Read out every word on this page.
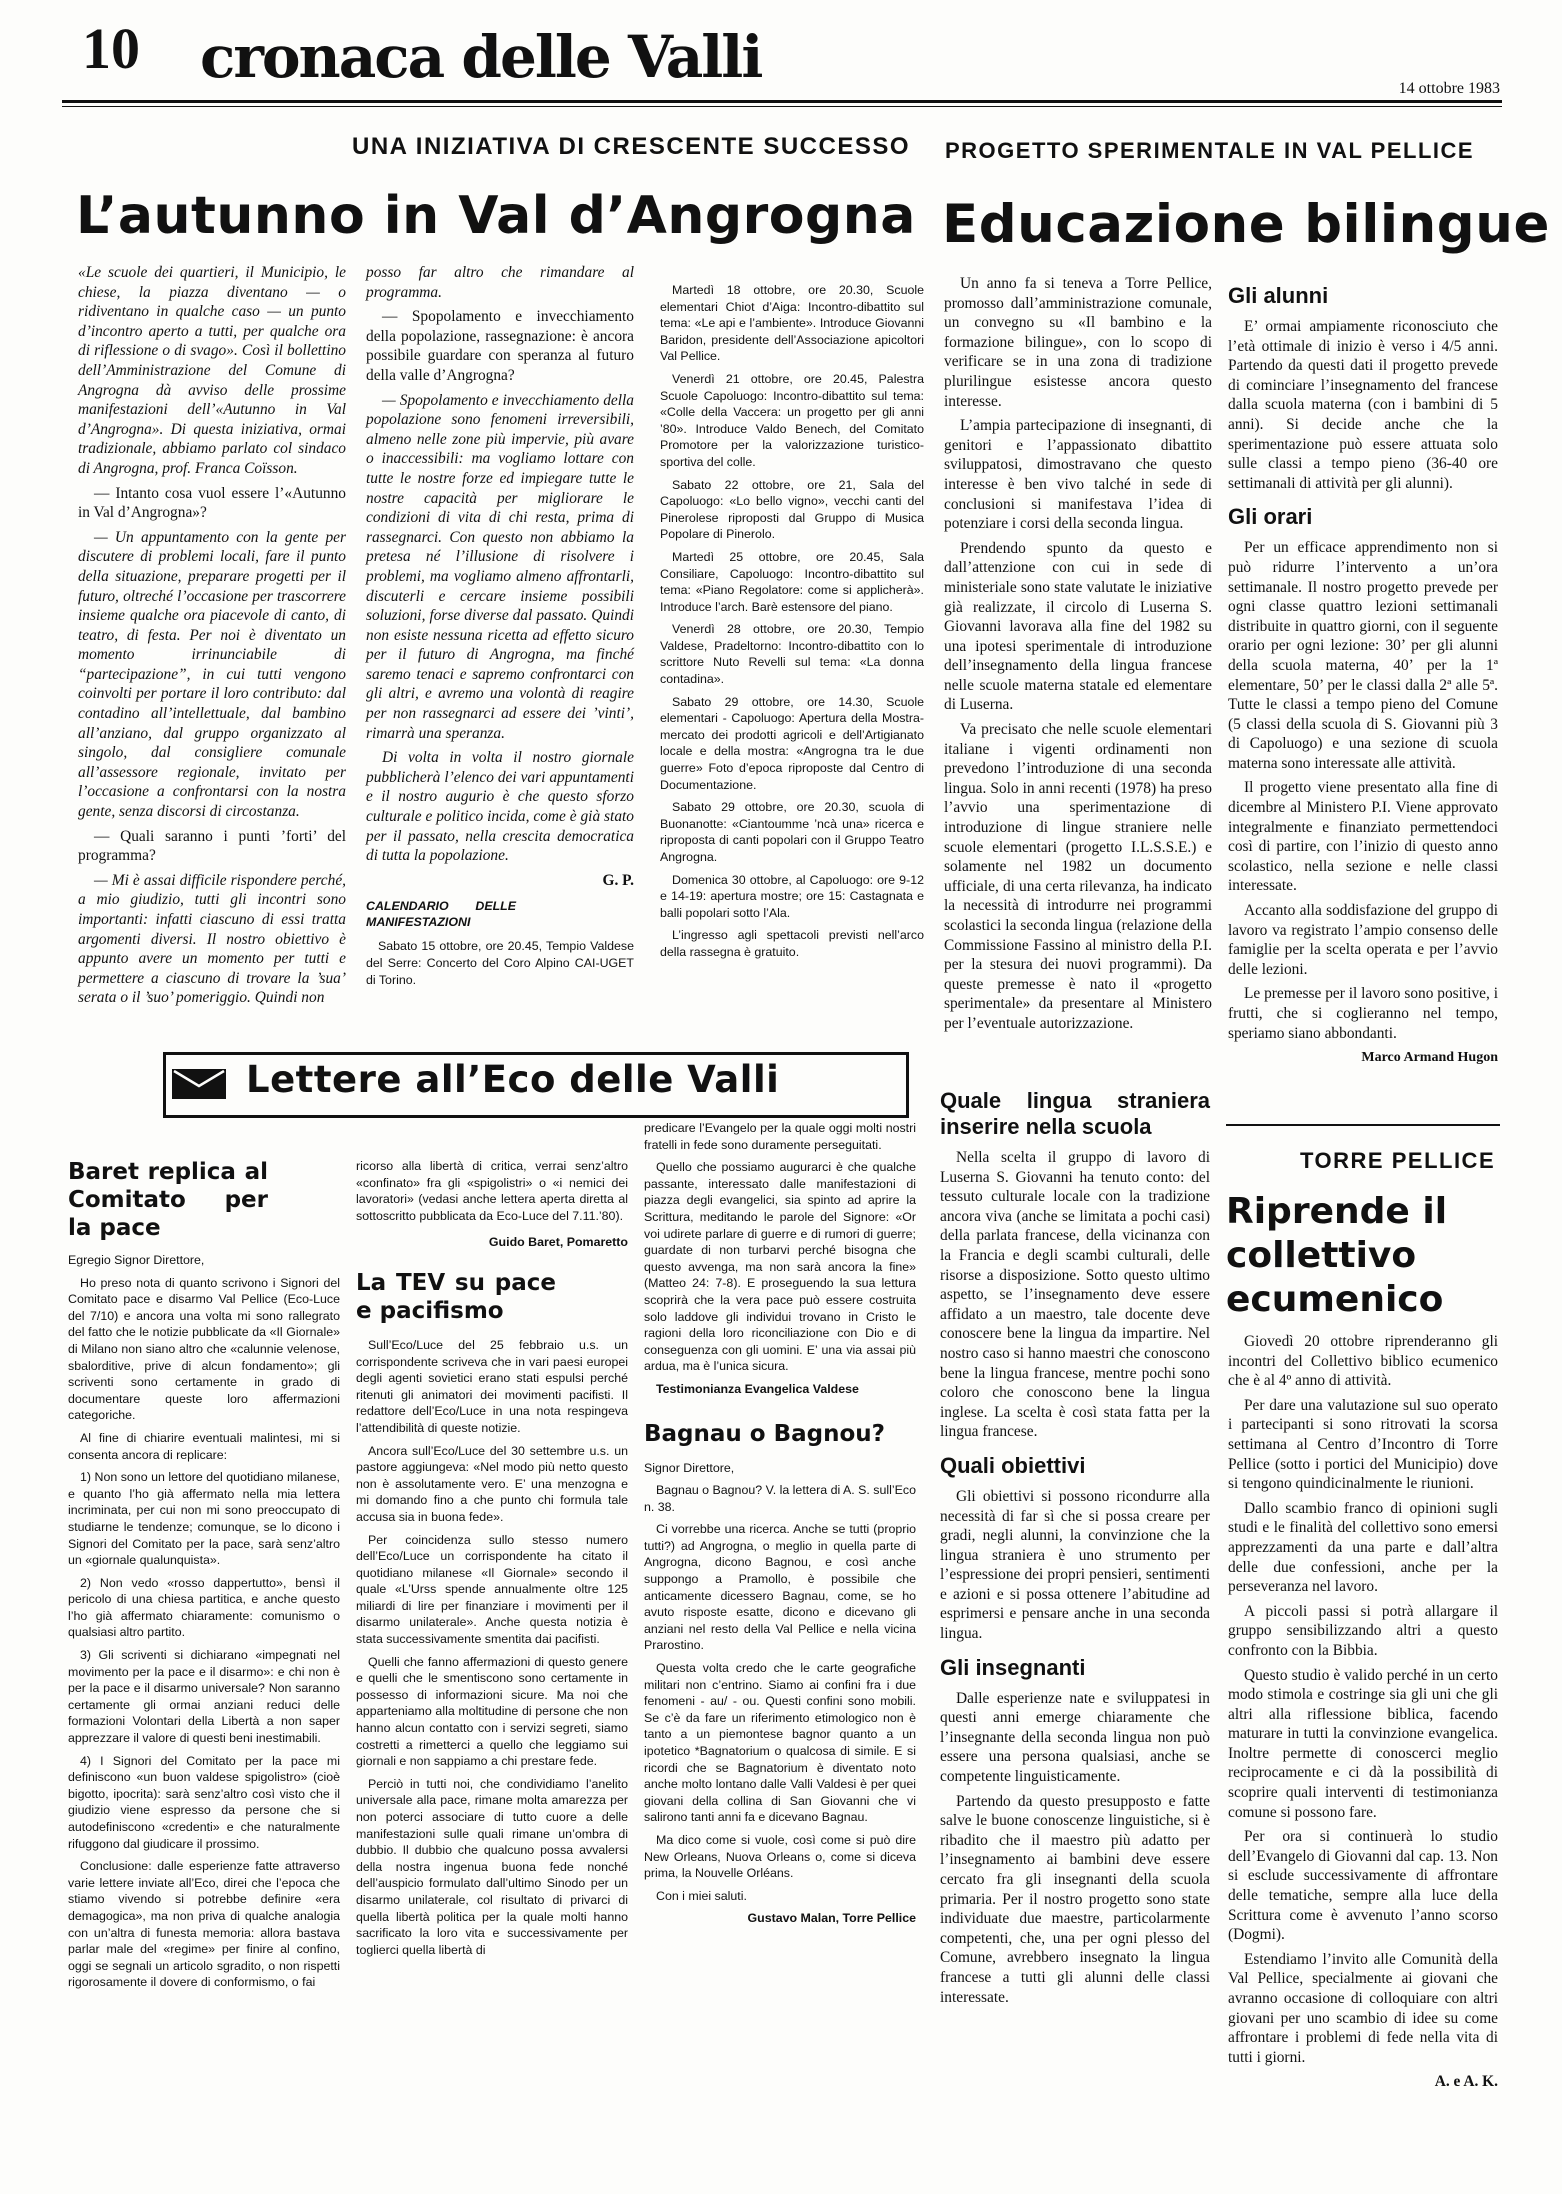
10 cronaca delle Valli	14 ottobre 1983
UNA INIZIATIVA DI CRESCENTE SUCCESSO PROGETTO SPERIMENTALE IN VAL PELLICE
L’autunno in Val d’Angrogna Educazione bilingue

«Le scuole dei quartieri, il Municipio, le chiese, la piazza diventano — o ridiventano in qualche caso — un punto d’incontro aperto a tutti, per qualche ora di riflessione o di svago». Così il bollettino dell’Amministrazione del Comune di Angrogna dà avviso delle prossime manifestazioni dell’«Autunno in Val d’Angrogna». Di questa iniziativa, ormai tradizionale, abbiamo parlato col sindaco di Angrogna, prof. Franca Coïsson.

— Intanto cosa vuol essere l’«Autunno in Val d’Angrogna»?

— Un appuntamento con la gente per discutere di problemi locali, fare il punto della situazione, preparare progetti per il futuro, oltreché l’occasione per trascorrere insieme qualche ora piacevole di canto, di teatro, di festa. Per noi è diventato un momento irrinunciabile di “partecipazione”, in cui tutti vengono coinvolti per portare il loro contributo: dal contadino all’intellettuale, dal bambino all’anziano, dal gruppo organizzato al singolo, dal consigliere comunale all’assessore regionale, invitato per l’occasione a confrontarsi con la nostra gente, senza discorsi di circostanza.

— Quali saranno i punti ’forti’ del programma?

— Mi è assai difficile rispondere perché, a mio giudizio, tutti gli incontri sono importanti: infatti ciascuno di essi tratta argomenti diversi. Il nostro obiettivo è appunto avere un momento per tutti e permettere a ciascuno di trovare la ’sua’ serata o il ’suo’ pomeriggio. Quindi non

posso far altro che rimandare al programma.

— Spopolamento e invecchiamento della popolazione, rassegnazione: è ancora possibile guardare con speranza al futuro della valle d’Angrogna?

— Spopolamento e invecchiamento della popolazione sono fenomeni irreversibili, almeno nelle zone più impervie, più avare o inaccessibili: ma vogliamo lottare con tutte le nostre forze ed impiegare tutte le nostre capacità per migliorare le condizioni di vita di chi resta, prima di rassegnarci. Con questo non abbiamo la pretesa né l’illusione di risolvere i problemi, ma vogliamo almeno affrontarli, discuterli e cercare insieme possibili soluzioni, forse diverse dal passato. Quindi non esiste nessuna ricetta ad effetto sicuro per il futuro di Angrogna, ma finché saremo tenaci e sapremo confrontarci con gli altri, e avremo una volontà di reagire per non rassegnarci ad essere dei ’vinti’, rimarrà una speranza.

Di volta in volta il nostro giornale pubblicherà l’elenco dei vari appuntamenti e il nostro augurio è che questo sforzo culturale e politico incida, come è già stato per il passato, nella crescita democratica di tutta la popolazione.

G. P.

CALENDARIO DELLE MANIFESTAZIONI
Sabato 15 ottobre, ore 20.45, Tempio Valdese del Serre: Concerto del Coro Alpino CAI-UGET di Torino.

Martedì 18 ottobre, ore 20.30, Scuole elementari Chiot d’Aiga: Incontro-dibattito sul tema: «Le api e l’ambiente». Introduce Giovanni Baridon, presidente dell’Associazione apicoltori Val Pellice.

Venerdì 21 ottobre, ore 20.45, Palestra Scuole Capoluogo: Incontro-dibattito sul tema: «Colle della Vaccera: un progetto per gli anni ’80». Introduce Valdo Benech, del Comitato Promotore per la valorizzazione turistico-sportiva del colle.

Sabato 22 ottobre, ore 21, Sala del Capoluogo: «Lo bello vigno», vecchi canti del Pinerolese riproposti dal Gruppo di Musica Popolare di Pinerolo.

Martedì 25 ottobre, ore 20.45, Sala Consiliare, Capoluogo: Incontro-dibattito sul tema: «Piano Regolatore: come si applicherà». Introduce l’arch. Barè estensore del piano.

Venerdì 28 ottobre, ore 20.30, Tempio Valdese, Pradeltorno: Incontro-dibattito con lo scrittore Nuto Revelli sul tema: «La donna contadina».

Sabato 29 ottobre, ore 14.30, Scuole elementari - Capoluogo: Apertura della Mostra-mercato dei prodotti agricoli e dell’Artigianato locale e della mostra: «Angrogna tra le due guerre» Foto d’epoca riproposte dal Centro di Documentazione.

Sabato 29 ottobre, ore 20.30, scuola di Buonanotte: «Ciantoumme ’ncà una» ricerca e riproposta di canti popolari con il Gruppo Teatro Angrogna.

Domenica 30 ottobre, al Capoluogo: ore 9-12 e 14-19: apertura mostre; ore 15: Castagnata e balli popolari sotto l’Ala.

L’ingresso agli spettacoli previsti nell’arco della rassegna è gratuito.

Un anno fa si teneva a Torre Pellice, promosso dall’amministrazione comunale, un convegno su «Il bambino e la formazione bilingue», con lo scopo di verificare se in una zona di tradizione plurilingue esistesse ancora questo interesse.

L’ampia partecipazione di insegnanti, di genitori e l’appassionato dibattito sviluppatosi, dimostravano che questo interesse è ben vivo talché in sede di conclusioni si manifestava l’idea di potenziare i corsi della seconda lingua.

Prendendo spunto da questo e dall’attenzione con cui in sede di ministeriale sono state valutate le iniziative già realizzate, il circolo di Luserna S. Giovanni lavorava alla fine del 1982 su una ipotesi sperimentale di introduzione dell’insegnamento della lingua francese nelle scuole materna statale ed elementare di Luserna.

Va precisato che nelle scuole elementari italiane i vigenti ordinamenti non prevedono l’introduzione di una seconda lingua. Solo in anni recenti (1978) ha preso l’avvio una sperimentazione di introduzione di lingue straniere nelle scuole elementari (progetto I.L.S.S.E.) e solamente nel 1982 un documento ufficiale, di una certa rilevanza, ha indicato la necessità di introdurre nei programmi scolastici la seconda lingua (relazione della Commissione Fassino al ministro della P.I. per la stesura dei nuovi programmi). Da queste premesse è nato il «progetto sperimentale» da presentare al Ministero per l’eventuale autorizzazione.

Gli alunni

E’ ormai ampiamente riconosciuto che l’età ottimale di inizio è verso i 4/5 anni. Partendo da questi dati il progetto prevede di cominciare l’insegnamento del francese dalla scuola materna (con i bambini di 5 anni). Si decide anche che la sperimentazione può essere attuata solo sulle classi a tempo pieno (36-40 ore settimanali di attività per gli alunni).

Gli orari

Per un efficace apprendimento non si può ridurre l’intervento a un’ora settimanale. Il nostro progetto prevede per ogni classe quattro lezioni settimanali distribuite in quattro giorni, con il seguente orario per ogni lezione: 30’ per gli alunni della scuola materna, 40’ per la 1ª elementare, 50’ per le classi dalla 2ª alle 5ª. Tutte le classi a tempo pieno del Comune (5 classi della scuola di S. Giovanni più 3 di Capoluogo) e una sezione di scuola materna sono interessate alle attività.

Il progetto viene presentato alla fine di dicembre al Ministero P.I. Viene approvato integralmente e finanziato permettendoci così di partire, con l’inizio di questo anno scolastico, nella sezione e nelle classi interessate.

Accanto alla soddisfazione del gruppo di lavoro va registrato l’ampio consenso delle famiglie per la scelta operata e per l’avvio delle lezioni.

Le premesse per il lavoro sono positive, i frutti, che si coglieranno nel tempo, speriamo siano abbondanti.

Marco Armand Hugon

Lettere all’Eco delle Valli	Quale lingua straniera inserire nella scuola

Nella scelta il gruppo di lavoro di Luserna S. Giovanni ha tenuto conto: del tessuto culturale locale con la tradizione ancora viva (anche se limitata a pochi casi) della parlata francese, della vicinanza con la Francia e degli scambi culturali, delle risorse a disposizione. Sotto questo ultimo aspetto, se l’insegnamento deve essere affidato a un maestro, tale docente deve conoscere bene la lingua da impartire. Nel nostro caso si hanno maestri che conoscono bene la lingua francese, mentre pochi sono coloro che conoscono bene la lingua inglese. La scelta è così stata fatta per la lingua francese.

Quali obiettivi

Gli obiettivi si possono ricondurre alla necessità di far sì che si possa creare per gradi, negli alunni, la convinzione che la lingua straniera è uno strumento per l’espressione dei propri pensieri, sentimenti e azioni e si possa ottenere l’abitudine ad esprimersi e pensare anche in una seconda lingua.

Gli insegnanti

Dalle esperienze nate e sviluppatesi in questi anni emerge chiaramente che l’insegnante della seconda lingua non può essere una persona qualsiasi, anche se competente linguisticamente.

Partendo da questo presupposto e fatte salve le buone conoscenze linguistiche, si è ribadito che il maestro più adatto per l’insegnamento ai bambini deve essere cercato fra gli insegnanti della scuola primaria. Per il nostro progetto sono state individuate due maestre, particolarmente competenti, che, una per ogni plesso del Comune, avrebbero insegnato la lingua francese a tutti gli alunni delle classi interessate.

TORRE PELLICE
Riprende il collettivo ecumenico

Giovedì 20 ottobre riprenderanno gli incontri del Collettivo biblico ecumenico che è al 4º anno di attività.

Per dare una valutazione sul suo operato i partecipanti si sono ritrovati la scorsa settimana al Centro d’Incontro di Torre Pellice (sotto i portici del Municipio) dove si tengono quindicinalmente le riunioni.

Dallo scambio franco di opinioni sugli studi e le finalità del collettivo sono emersi apprezzamenti da una parte e dall’altra delle due confessioni, anche per la perseveranza nel lavoro.

A piccoli passi si potrà allargare il gruppo sensibilizzando altri a questo confronto con la Bibbia.

Questo studio è valido perché in un certo modo stimola e costringe sia gli uni che gli altri alla riflessione biblica, facendo maturare in tutti la convinzione evangelica. Inoltre permette di conoscerci meglio reciprocamente e ci dà la possibilità di scoprire quali interventi di testimonianza comune si possono fare.

Per ora si continuerà lo studio dell’Evangelo di Giovanni dal cap. 13. Non si esclude successivamente di affrontare delle tematiche, sempre alla luce della Scrittura come è avvenuto l’anno scorso (Dogmi).

Estendiamo l’invito alle Comunità della Val Pellice, specialmente ai giovani che avranno occasione di colloquiare con altri giovani per uno scambio di idee su come affrontare i problemi di fede nella vita di tutti i giorni.

A. e A. K.

Baret replica al Comitato per la pace

Egregio Signor Direttore,

Ho preso nota di quanto scrivono i Signori del Comitato pace e disarmo Val Pellice (Eco-Luce del 7/10) e ancora una volta mi sono rallegrato del fatto che le notizie pubblicate da «Il Giornale» di Milano non siano altro che «calunnie velenose, sbalorditive, prive di alcun fondamento»; gli scriventi sono certamente in grado di documentare queste loro affermazioni categoriche.

Al fine di chiarire eventuali malintesi, mi si consenta ancora di replicare:

1) Non sono un lettore del quotidiano milanese, e quanto l’ho già affermato nella mia lettera incriminata, per cui non mi sono preoccupato di studiarne le tendenze; comunque, se lo dicono i Signori del Comitato per la pace, sarà senz’altro un «giornale qualunquista».

2) Non vedo «rosso dappertutto», bensì il pericolo di una chiesa partitica, e anche questo l’ho già affermato chiaramente: comunismo o qualsiasi altro partito.

3) Gli scriventi si dichiarano «impegnati nel movimento per la pace e il disarmo»: e chi non è per la pace e il disarmo universale? Non saranno certamente gli ormai anziani reduci delle formazioni Volontari della Libertà a non saper apprezzare il valore di questi beni inestimabili.

4) I Signori del Comitato per la pace mi definiscono «un buon valdese spigolistro» (cioè bigotto, ipocrita): sarà senz’altro così visto che il giudizio viene espresso da persone che si autodefiniscono «credenti» e che naturalmente rifuggono dal giudicare il prossimo.

Conclusione: dalle esperienze fatte attraverso varie lettere inviate all’Eco, direi che l’epoca che stiamo vivendo si potrebbe definire «era demagogica», ma non priva di qualche analogia con un’altra di funesta memoria: allora bastava parlar male del «regime» per finire al confino, oggi se segnali un articolo sgradito, o non rispetti rigorosamente il dovere di conformismo, o fai

ricorso alla libertà di critica, verrai senz’altro «confinato» fra gli «spigolistri» o «i nemici dei lavoratori» (vedasi anche lettera aperta diretta al sottoscritto pubblicata da Eco-Luce del 7.11.’80).

Guido Baret, Pomaretto

La TEV su pace e pacifismo

Sull’Eco/Luce del 25 febbraio u.s. un corrispondente scriveva che in vari paesi europei degli agenti sovietici erano stati espulsi perché ritenuti gli animatori dei movimenti pacifisti. Il redattore dell’Eco/Luce in una nota respingeva l’attendibilità di queste notizie.

Ancora sull’Eco/Luce del 30 settembre u.s. un pastore aggiungeva: «Nel modo più netto questo non è assolutamente vero. E’ una menzogna e mi domando fino a che punto chi formula tale accusa sia in buona fede».

Per coincidenza sullo stesso numero dell’Eco/Luce un corrispondente ha citato il quotidiano milanese «Il Giornale» secondo il quale «L’Urss spende annualmente oltre 125 miliardi di lire per finanziare i movimenti per il disarmo unilaterale». Anche questa notizia è stata successivamente smentita dai pacifisti.

Quelli che fanno affermazioni di questo genere e quelli che le smentiscono sono certamente in possesso di informazioni sicure. Ma noi che apparteniamo alla moltitudine di persone che non hanno alcun contatto con i servizi segreti, siamo costretti a rimetterci a quello che leggiamo sui giornali e non sappiamo a chi prestare fede.

Perciò in tutti noi, che condividiamo l’anelito universale alla pace, rimane molta amarezza per non poterci associare di tutto cuore a delle manifestazioni sulle quali rimane un’ombra di dubbio. Il dubbio che qualcuno possa avvalersi della nostra ingenua buona fede nonché dell’auspicio formulato dall’ultimo Sinodo per un disarmo unilaterale, col risultato di privarci di quella libertà politica per la quale molti hanno sacrificato la loro vita e successivamente per toglierci quella libertà di

predicare l’Evangelo per la quale oggi molti nostri fratelli in fede sono duramente perseguitati.

Quello che possiamo augurarci è che qualche passante, interessato dalle manifestazioni di piazza degli evangelici, sia spinto ad aprire la Scrittura, meditando le parole del Signore: «Or voi udirete parlare di guerre e di rumori di guerre; guardate di non turbarvi perché bisogna che questo avvenga, ma non sarà ancora la fine» (Matteo 24: 7-8). E proseguendo la sua lettura scoprirà che la vera pace può essere costruita solo laddove gli individui trovano in Cristo le ragioni della loro riconciliazione con Dio e di conseguenza con gli uomini. E’ una via assai più ardua, ma è l’unica sicura.

Testimonianza Evangelica Valdese

Bagnau o Bagnou?

Signor Direttore,

Bagnau o Bagnou? V. la lettera di A. S. sull’Eco n. 38.

Ci vorrebbe una ricerca. Anche se tutti (proprio tutti?) ad Angrogna, o meglio in quella parte di Angrogna, dicono Bagnou, e così anche suppongo a Pramollo, è possibile che anticamente dicessero Bagnau, come, se ho avuto risposte esatte, dicono e dicevano gli anziani nel resto della Val Pellice e nella vicina Prarostino.

Questa volta credo che le carte geografiche militari non c’entrino. Siamo ai confini fra i due fenomeni - au/ - ou. Questi confini sono mobili. Se c’è da fare un riferimento etimologico non è tanto a un piemontese bagnor quanto a un ipotetico *Bagnatorium o qualcosa di simile. E si ricordi che se Bagnatorium è diventato noto anche molto lontano dalle Valli Valdesi è per quei giovani della collina di San Giovanni che vi salirono tanti anni fa e dicevano Bagnau.

Ma dico come si vuole, così come si può dire New Orleans, Nuova Orleans o, come si diceva prima, la Nouvelle Orléans.

Con i miei saluti.

Gustavo Malan, Torre Pellice
